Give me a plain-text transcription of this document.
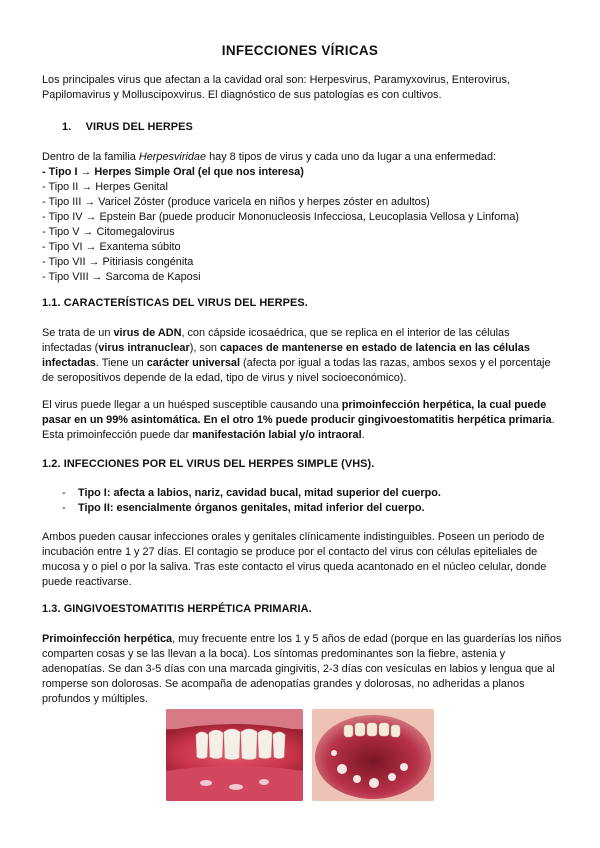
INFECCIONES VÍRICAS
Los principales virus que afectan a la cavidad oral son: Herpesvirus, Paramyxovirus, Enterovirus, Papilomavirus y Molluscipoxvirus. El diagnóstico de sus patologías es con cultivos.
1. VIRUS DEL HERPES
Dentro de la familia Herpesviridae hay 8 tipos de virus y cada uno da lugar a una enfermedad:
- Tipo I → Herpes Simple Oral (el que nos interesa)
- Tipo II → Herpes Genital
- Tipo III → Varicel Zóster (produce varicela en niños y herpes zóster en adultos)
- Tipo IV → Epstein Bar (puede producir Mononucleosis Infecciosa, Leucoplasia Vellosa y Linfoma)
- Tipo V → Citomegalovirus
- Tipo VI → Exantema súbito
- Tipo VII → Pitiriasis congénita
- Tipo VIII → Sarcoma de Kaposi
1.1. CARACTERÍSTICAS DEL VIRUS DEL HERPES.
Se trata de un virus de ADN, con cápside icosaédrica, que se replica en el interior de las células infectadas (virus intranuclear), son capaces de mantenerse en estado de latencia en las células infectadas. Tiene un carácter universal (afecta por igual a todas las razas, ambos sexos y el porcentaje de seropositivos depende de la edad, tipo de virus y nivel socioeconómico).
El virus puede llegar a un huésped susceptible causando una primoinfección herpética, la cual puede pasar en un 99% asintomática. En el otro 1% puede producir gingivoestomatitis herpética primaria. Esta primoinfección puede dar manifestación labial y/o intraoral.
1.2. INFECCIONES POR EL VIRUS DEL HERPES SIMPLE (VHS).
- Tipo I: afecta a labios, nariz, cavidad bucal, mitad superior del cuerpo.
- Tipo II: esencialmente órganos genitales, mitad inferior del cuerpo.
Ambos pueden causar infecciones orales y genitales clínicamente indistinguibles. Poseen un periodo de incubación entre 1 y 27 días. El contagio se produce por el contacto del virus con células epiteliales de mucosa y o piel o por la saliva. Tras este contacto el virus queda acantonado en el núcleo celular, donde puede reactivarse.
1.3. GINGIVOESTOMATITIS HERPÉTICA PRIMARIA.
Primoinfección herpética, muy frecuente entre los 1 y 5 años de edad (porque en las guarderías los niños comparten cosas y se las llevan a la boca). Los síntomas predominantes son la fiebre, astenia y adenopatías. Se dan 3-5 días con una marcada gingivitis, 2-3 días con vesículas en labios y lengua que al romperse son dolorosas. Se acompaña de adenopatías grandes y dolorosas, no adheridas a planos profundos y múltiples.
